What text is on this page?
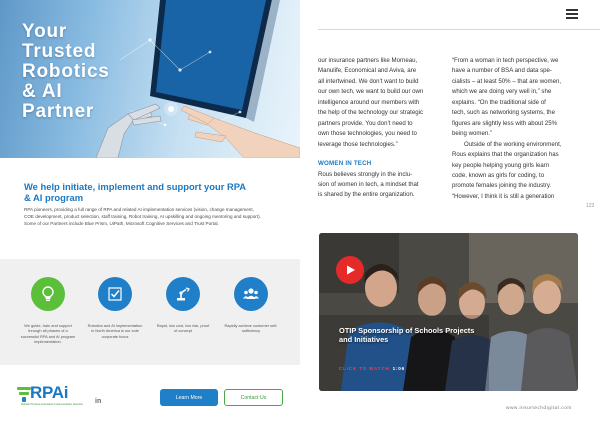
Your
Trusted
Robotics
& AI
Partner
We help initiate, implement and support your RPA & AI program
RPA pioneers, providing a full range of RPA and related AI implementation services (vision, change management, COE development, product selection, staff training, Robot training, AI upskilling and ongoing mentoring and support). Some of our Partners include Blue Prism, UiPath, Microsoft Cognitive Services and Trust Portal.
We guide, train and support through all phases of a successful RPA and AI program implementation.
Robotics and AI implementation in North America is our sole corporate focus
Rapid, low cost, low risk, proof of concept
Rapidly achieve customer self-sufficiency
RPAi
Robotic Process Automation Implementation Services	in
Learn More	Contact Us

our insurance partners like Morneau,

Manulife, Economical and Aviva, are

all intertwined. We don’t want to build

our own tech, we want to build our own

intelligence around our members with

the help of the technology our strategic

partners provide. You don’t need to

own those technologies, you need to

leverage those technologies.”

WOMEN IN TECH

Rous believes strongly in the inclu-

sion of women in tech, a mindset that

is shared by the entire organization.

“From a woman in tech perspective, we

have a number of BSA and data spe-

cialists – at least 50% – that are women,

which we are doing very well in,” she

explains. “On the traditional side of

tech, such as networking systems, the

figures are slightly less with about 25%

being women.”

Outside of the working environment,

Rous explains that the organization has

key people helping young girls learn

code, known as girls for coding, to

promote females joining the industry.

“However, I think it is still a generation

123
OTIP Sponsorship of Schools Projects and Initiatives
CLICK TO WATCH 1:06
www.insurtechdigital.com
